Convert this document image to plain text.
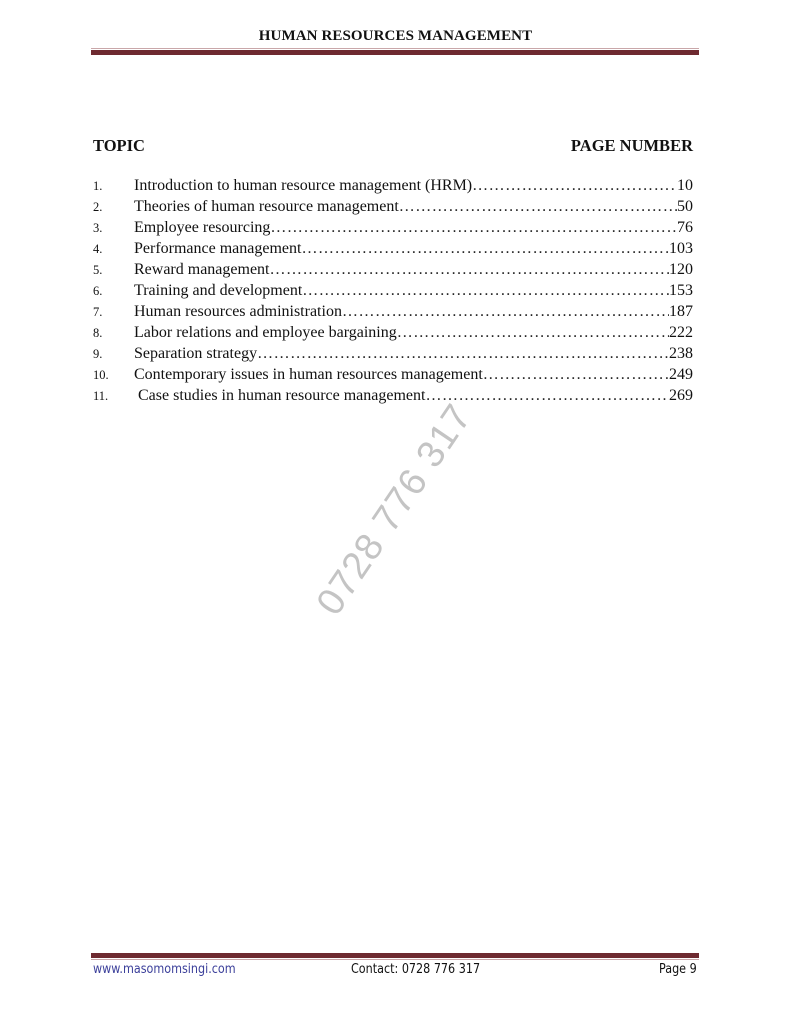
HUMAN RESOURCES MANAGEMENT
TOPIC	PAGE NUMBER
1.	Introduction to human resource management (HRM) ……………………………………………………………………………………………………………………	10
2.	Theories of human resource management ……………………………………………………………………………………………………………………	50
3.	Employee resourcing ……………………………………………………………………………………………………………………	76
4.	Performance management ……………………………………………………………………………………………………………………	103
5.	Reward management ……………………………………………………………………………………………………………………	120
6.	Training and development ……………………………………………………………………………………………………………………	153
7.	Human resources administration ……………………………………………………………………………………………………………………	187
8.	Labor relations and employee bargaining ……………………………………………………………………………………………………………………	222
9.	Separation strategy ……………………………………………………………………………………………………………………	238
10.	Contemporary issues in human resources management ……………………………………………………………………………………………………………………	249
11.	Case studies in human resource management ……………………………………………………………………………………………………………………	269
0728 776 317
www.masomomsingi.com	Contact: 0728 776 317	Page 9
